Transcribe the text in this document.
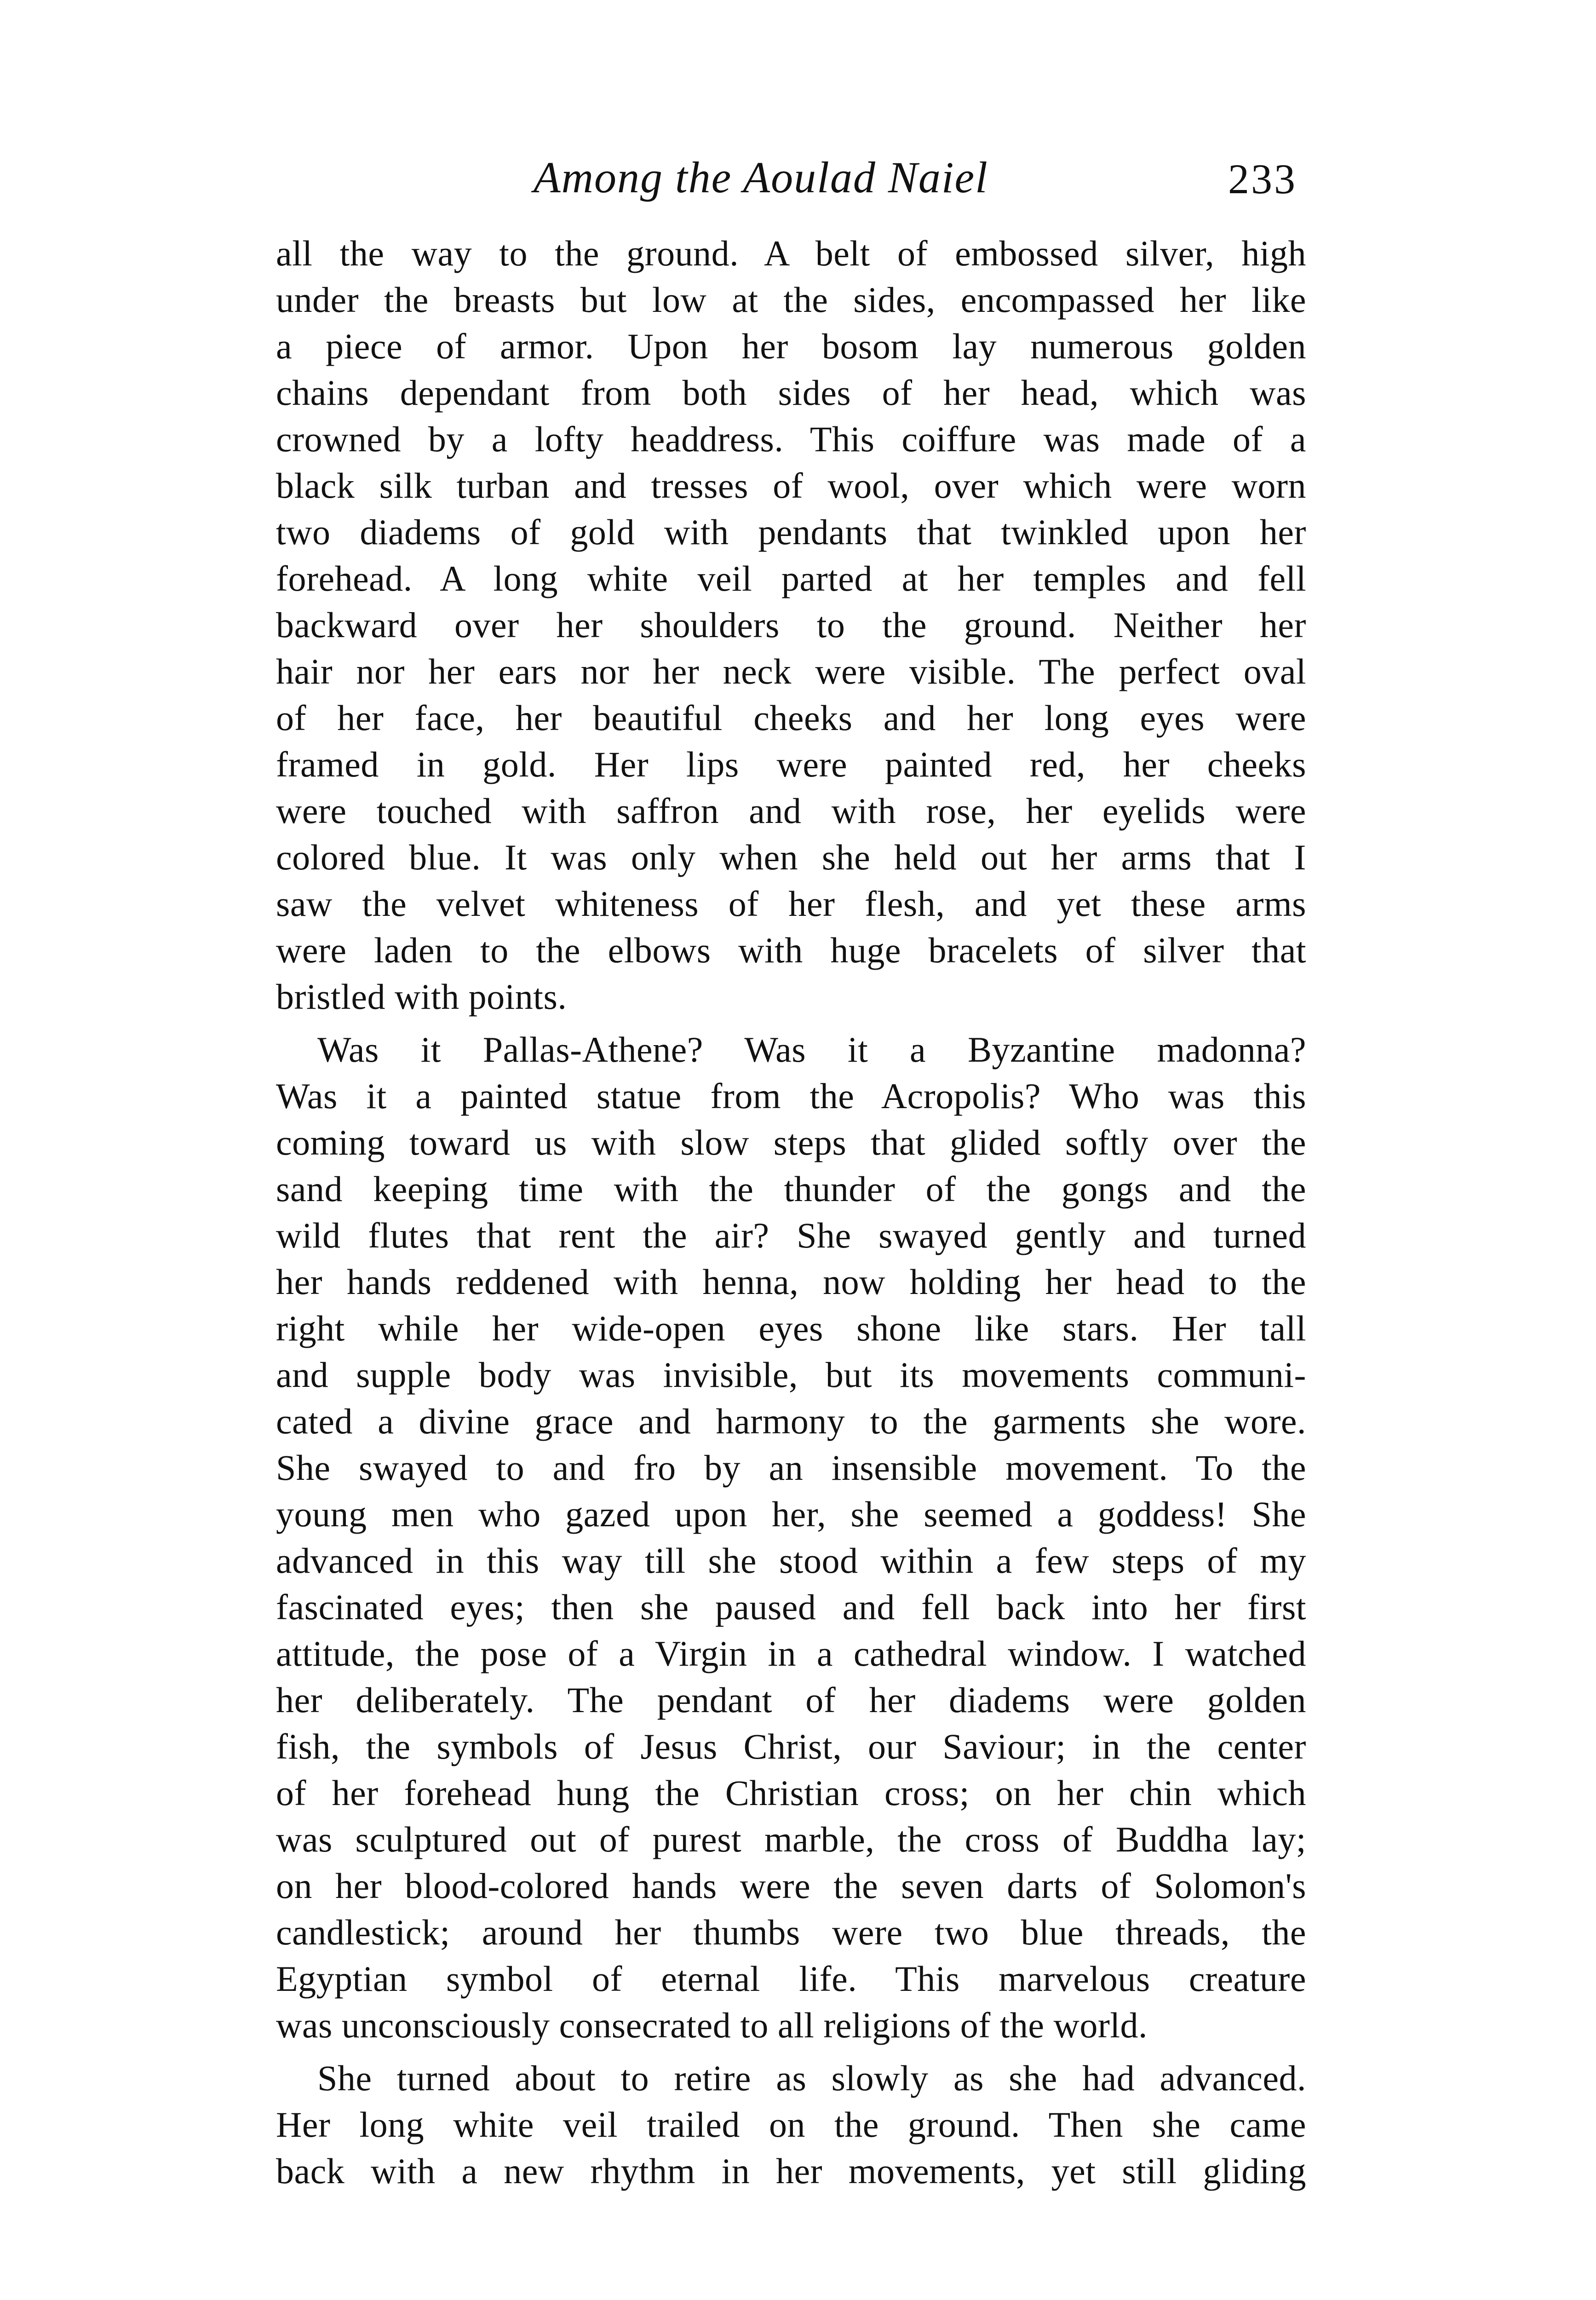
Among the Aoulad Naiel	233
all the way to the ground. A belt of embossed silver, high
under the breasts but low at the sides, encompassed her like
a piece of armor. Upon her bosom lay numerous golden
chains dependant from both sides of her head, which was
crowned by a lofty headdress. This coiffure was made of a
black silk turban and tresses of wool, over which were worn
two diadems of gold with pendants that twinkled upon her
forehead. A long white veil parted at her temples and fell
backward over her shoulders to the ground. Neither her
hair nor her ears nor her neck were visible. The perfect oval
of her face, her beautiful cheeks and her long eyes were
framed in gold. Her lips were painted red, her cheeks
were touched with saffron and with rose, her eyelids were
colored blue. It was only when she held out her arms that I
saw the velvet whiteness of her flesh, and yet these arms
were laden to the elbows with huge bracelets of silver that
bristled with points.
Was it Pallas-Athene? Was it a Byzantine madonna?
Was it a painted statue from the Acropolis? Who was this
coming toward us with slow steps that glided softly over the
sand keeping time with the thunder of the gongs and the
wild flutes that rent the air? She swayed gently and turned
her hands reddened with henna, now holding her head to the
right while her wide-open eyes shone like stars. Her tall
and supple body was invisible, but its movements communi-
cated a divine grace and harmony to the garments she wore.
She swayed to and fro by an insensible movement. To the
young men who gazed upon her, she seemed a goddess! She
advanced in this way till she stood within a few steps of my
fascinated eyes; then she paused and fell back into her first
attitude, the pose of a Virgin in a cathedral window. I watched
her deliberately. The pendant of her diadems were golden
fish, the symbols of Jesus Christ, our Saviour; in the center
of her forehead hung the Christian cross; on her chin which
was sculptured out of purest marble, the cross of Buddha lay;
on her blood-colored hands were the seven darts of Solomon's
candlestick; around her thumbs were two blue threads, the
Egyptian symbol of eternal life. This marvelous creature
was unconsciously consecrated to all religions of the world.
She turned about to retire as slowly as she had advanced.
Her long white veil trailed on the ground. Then she came
back with a new rhythm in her movements, yet still gliding
